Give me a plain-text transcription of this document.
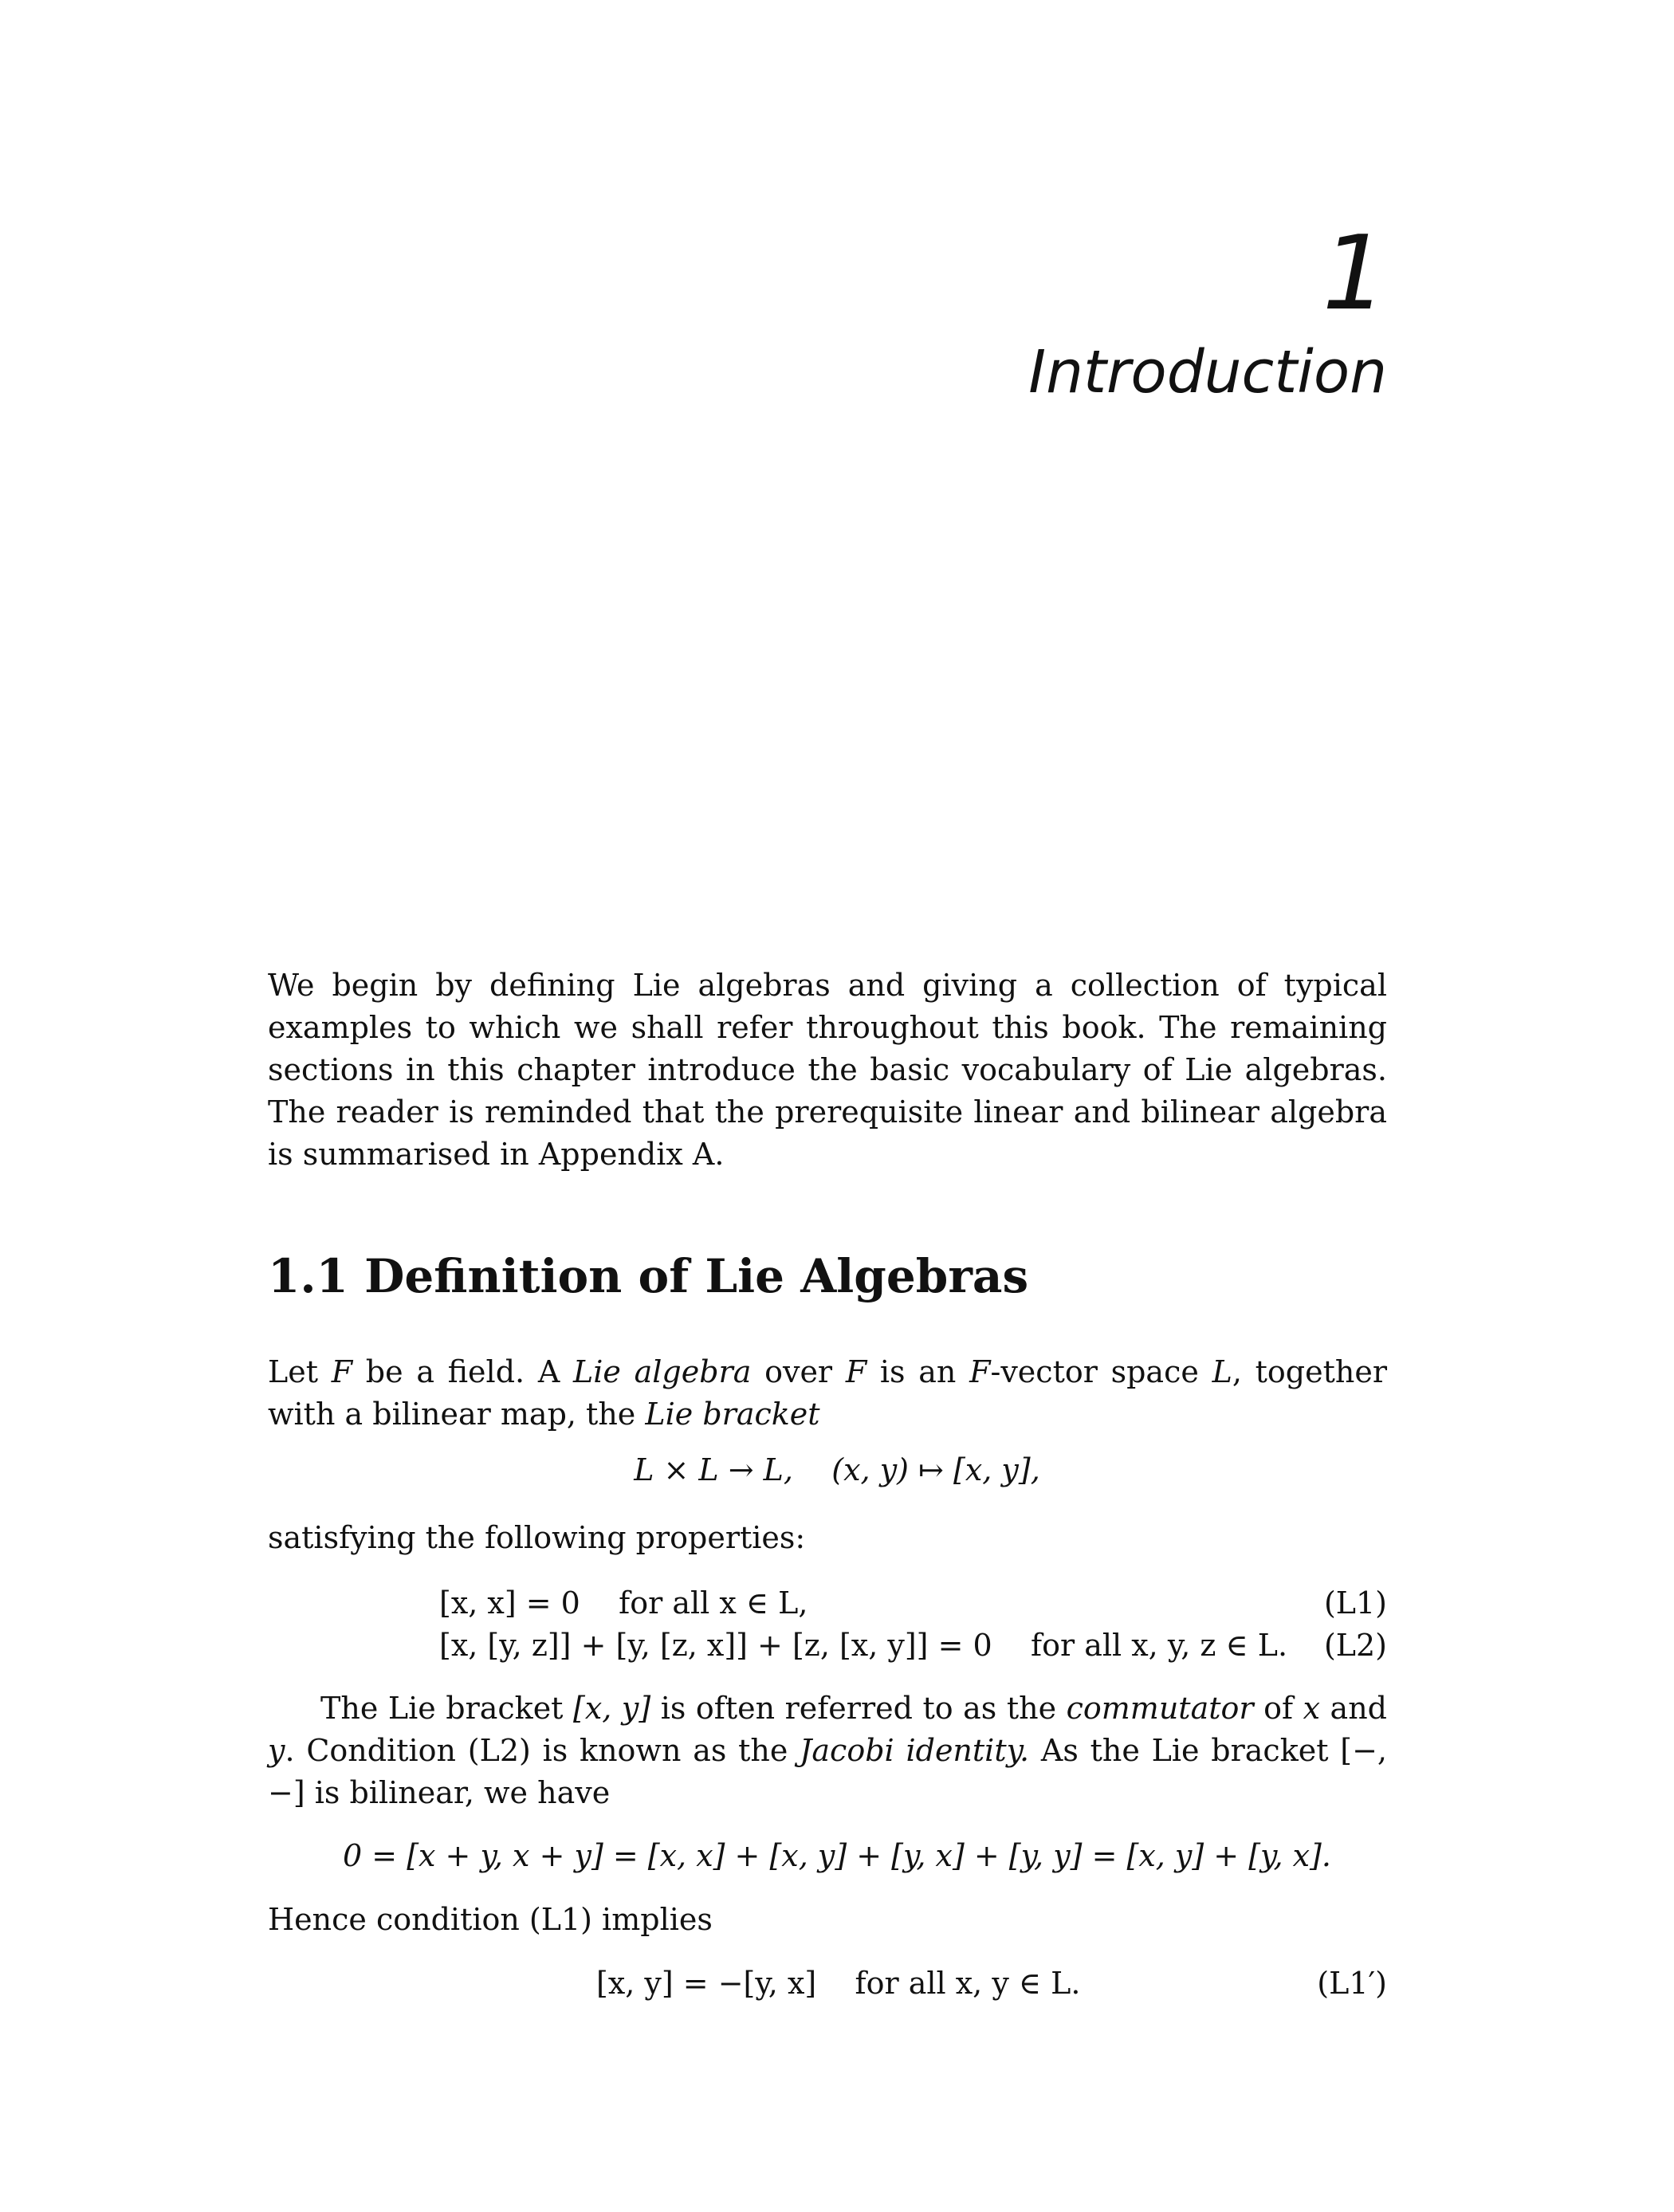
1
Introduction

We begin by defining Lie algebras and giving a collection of typical examples to which we shall refer throughout this book. The remaining sections in this chapter introduce the basic vocabulary of Lie algebras. The reader is reminded that the prerequisite linear and bilinear algebra is summarised in Appendix A.

1.1 Definition of Lie Algebras

Let F be a field. A Lie algebra over F is an F-vector space L, together with a bilinear map, the Lie bracket

L × L → L,    (x, y) ↦ [x, y],

satisfying the following properties:

[x, x] = 0    for all x ∈ L,	(L1)
[x, [y, z]] + [y, [z, x]] + [z, [x, y]] = 0    for all x, y, z ∈ L. (L2)

The Lie bracket [x, y] is often referred to as the commutator of x and y. Condition (L2) is known as the Jacobi identity. As the Lie bracket [−, −] is bilinear, we have

0 = [x + y, x + y] = [x, x] + [x, y] + [y, x] + [y, y] = [x, y] + [y, x].

Hence condition (L1) implies

[x, y] = −[y, x]    for all x, y ∈ L.	(L1′)
